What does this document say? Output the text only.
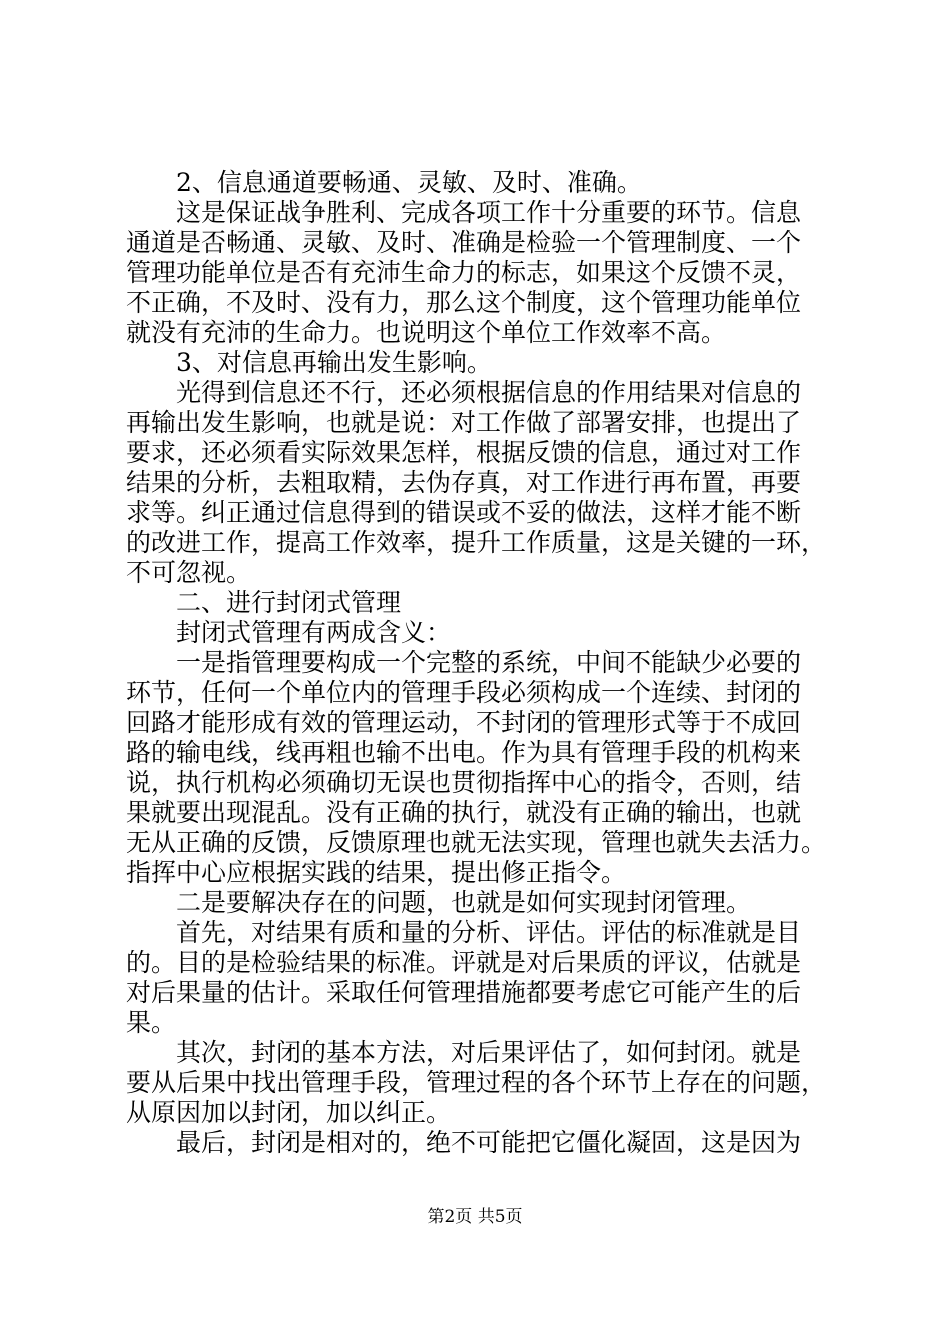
　　2、信息通道要畅通、灵敏、及时、准确。
　　这是保证战争胜利、完成各项工作十分重要的环节。信息
通道是否畅通、灵敏、及时、准确是检验一个管理制度、一个
管理功能单位是否有充沛生命力的标志，如果这个反馈不灵，
不正确，不及时、没有力，那么这个制度，这个管理功能单位
就没有充沛的生命力。也说明这个单位工作效率不高。
　　3、对信息再输出发生影响。
　　光得到信息还不行，还必须根据信息的作用结果对信息的
再输出发生影响，也就是说：对工作做了部署安排，也提出了
要求，还必须看实际效果怎样，根据反馈的信息，通过对工作
结果的分析，去粗取精，去伪存真，对工作进行再布置，再要
求等。纠正通过信息得到的错误或不妥的做法，这样才能不断
的改进工作，提高工作效率，提升工作质量，这是关键的一环，
不可忽视。
　　二、进行封闭式管理
　　封闭式管理有两成含义：
　　一是指管理要构成一个完整的系统，中间不能缺少必要的
环节，任何一个单位内的管理手段必须构成一个连续、封闭的
回路才能形成有效的管理运动，不封闭的管理形式等于不成回
路的输电线，线再粗也输不出电。作为具有管理手段的机构来
说，执行机构必须确切无误也贯彻指挥中心的指令，否则，结
果就要出现混乱。没有正确的执行，就没有正确的输出，也就
无从正确的反馈，反馈原理也就无法实现，管理也就失去活力。
指挥中心应根据实践的结果，提出修正指令。
　　二是要解决存在的问题，也就是如何实现封闭管理。
　　首先，对结果有质和量的分析、评估。评估的标准就是目
的。目的是检验结果的标准。评就是对后果质的评议，估就是
对后果量的估计。采取任何管理措施都要考虑它可能产生的后
果。
　　其次，封闭的基本方法，对后果评估了，如何封闭。就是
要从后果中找出管理手段，管理过程的各个环节上存在的问题，
从原因加以封闭，加以纠正。
　　最后，封闭是相对的，绝不可能把它僵化凝固，这是因为
第2页 共5页
